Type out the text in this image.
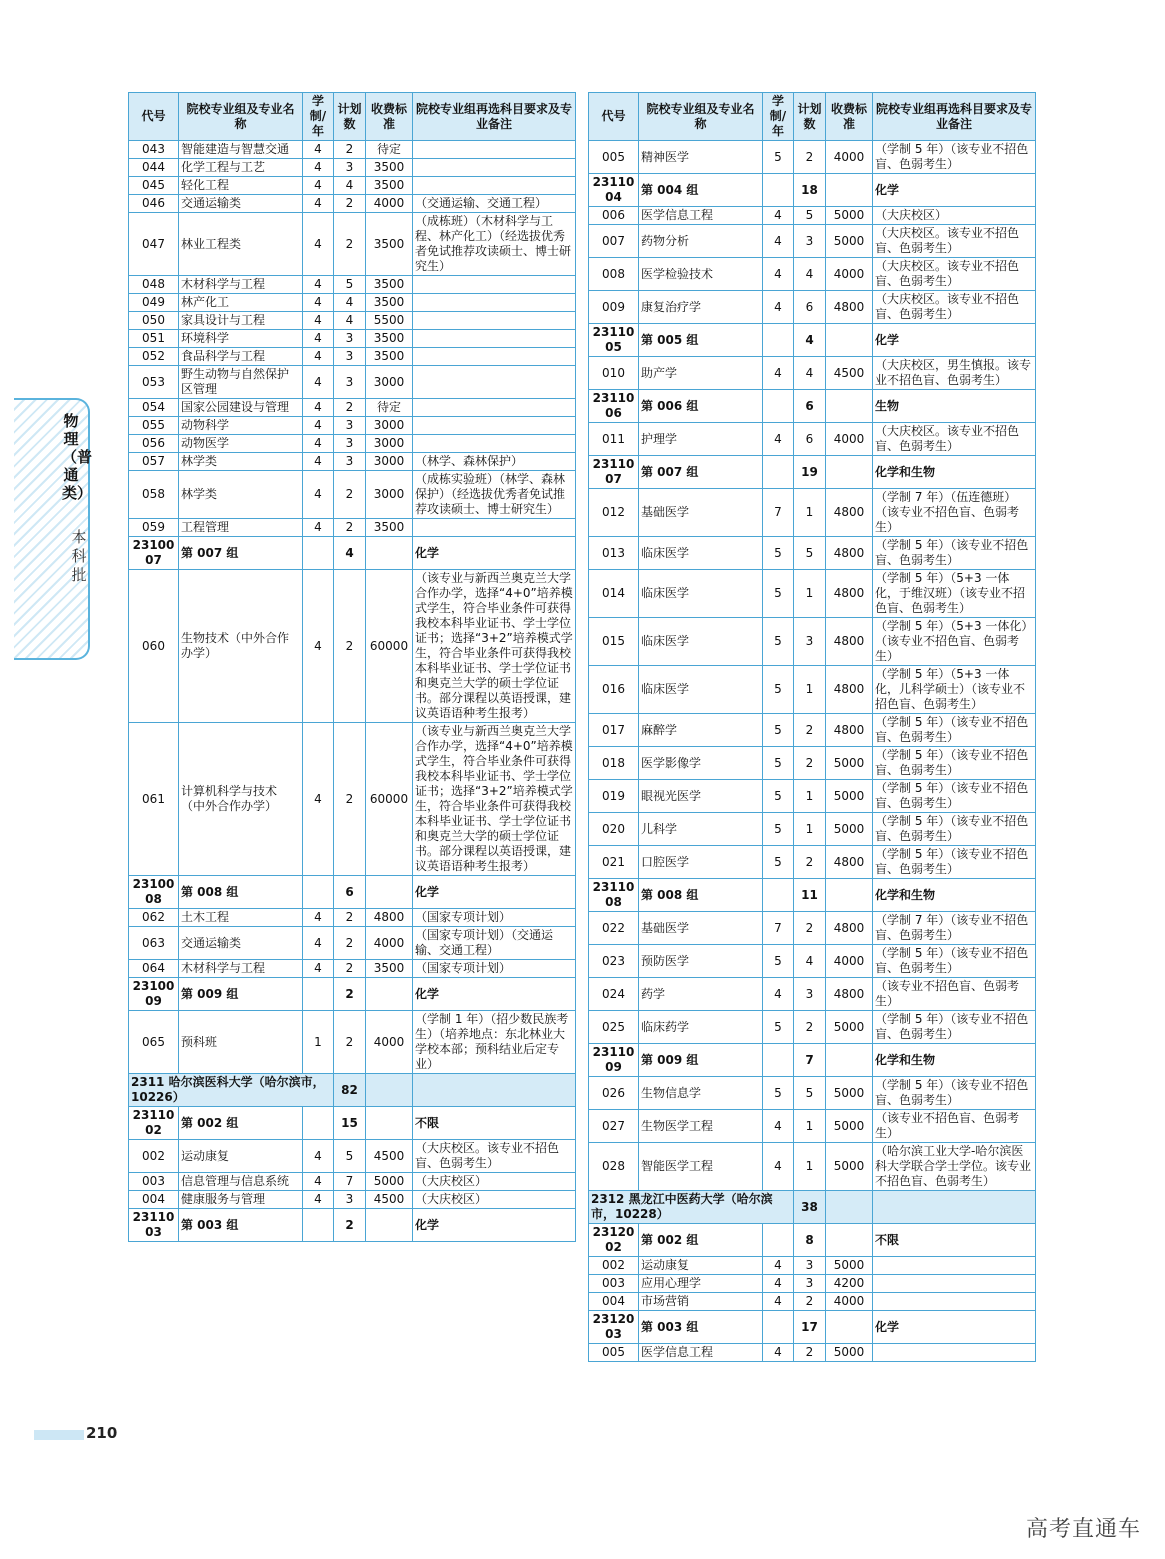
物理（普通类）
本科批
代号	院校专业组及专业名称	学制/年	计划数	收费标准	院校专业组再选科目要求及专业备注
043	智能建造与智慧交通	4	2	待定	
044	化学工程与工艺	4	3	3500	
045	轻化工程	4	4	3500	
046	交通运输类	4	2	4000	（交通运输、交通工程）
047	林业工程类	4	2	3500	（成栋班）（木材科学与工程、林产化工）（经选拔优秀者免试推荐攻读硕士、博士研究生）
048	木材科学与工程	4	5	3500	
049	林产化工	4	4	3500	
050	家具设计与工程	4	4	5500	
051	环境科学	4	3	3500	
052	食品科学与工程	4	3	3500	
053	野生动物与自然保护区管理	4	3	3000	
054	国家公园建设与管理	4	2	待定	
055	动物科学	4	3	3000	
056	动物医学	4	3	3000	
057	林学类	4	3	3000	（林学、森林保护）
058	林学类	4	2	3000	（成栋实验班）（林学、森林保护）（经选拔优秀者免试推荐攻读硕士、博士研究生）
059	工程管理	4	2	3500	
2310007	第 007 组		4		化学
060	生物技术（中外合作办学）	4	2	60000	（该专业与新西兰奥克兰大学合作办学，选择“4+0”培养模式学生，符合毕业条件可获得我校本科毕业证书、学士学位证书；选择“3+2”培养模式学生，符合毕业条件可获得我校本科毕业证书、学士学位证书和奥克兰大学的硕士学位证书。部分课程以英语授课，建议英语语种考生报考）
061	计算机科学与技术（中外合作办学）	4	2	60000	（该专业与新西兰奥克兰大学合作办学，选择“4+0”培养模式学生，符合毕业条件可获得我校本科毕业证书、学士学位证书；选择“3+2”培养模式学生，符合毕业条件可获得我校本科毕业证书、学士学位证书和奥克兰大学的硕士学位证书。部分课程以英语授课，建议英语语种考生报考）
2310008	第 008 组		6		化学
062	土木工程	4	2	4800	（国家专项计划）
063	交通运输类	4	2	4000	（国家专项计划）（交通运输、交通工程）
064	木材科学与工程	4	2	3500	（国家专项计划）
2310009	第 009 组		2		化学
065	预科班	1	2	4000	（学制 1 年）（招少数民族考生）（培养地点：东北林业大学校本部；预科结业后定专业）
2311 哈尔滨医科大学（哈尔滨市，10226）			82		
2311002	第 002 组		15		不限
002	运动康复	4	5	4500	（大庆校区。该专业不招色盲、色弱考生）
003	信息管理与信息系统	4	7	5000	（大庆校区）
004	健康服务与管理	4	3	4500	（大庆校区）
2311003	第 003 组		2		化学
代号	院校专业组及专业名称	学制/年	计划数	收费标准	院校专业组再选科目要求及专业备注
005	精神医学	5	2	4000	（学制 5 年）（该专业不招色盲、色弱考生）
2311004	第 004 组		18		化学
006	医学信息工程	4	5	5000	（大庆校区）
007	药物分析	4	3	5000	（大庆校区。该专业不招色盲、色弱考生）
008	医学检验技术	4	4	4000	（大庆校区。该专业不招色盲、色弱考生）
009	康复治疗学	4	6	4800	（大庆校区。该专业不招色盲、色弱考生）
2311005	第 005 组		4		化学
010	助产学	4	4	4500	（大庆校区，男生慎报。该专业不招色盲、色弱考生）
2311006	第 006 组		6		生物
011	护理学	4	6	4000	（大庆校区。该专业不招色盲、色弱考生）
2311007	第 007 组		19		化学和生物
012	基础医学	7	1	4800	（学制 7 年）（伍连德班）（该专业不招色盲、色弱考生）
013	临床医学	5	5	4800	（学制 5 年）（该专业不招色盲、色弱考生）
014	临床医学	5	1	4800	（学制 5 年）（5+3 一体化，于维汉班）（该专业不招色盲、色弱考生）
015	临床医学	5	3	4800	（学制 5 年）（5+3 一体化）（该专业不招色盲、色弱考生）
016	临床医学	5	1	4800	（学制 5 年）（5+3 一体化，儿科学硕士）（该专业不招色盲、色弱考生）
017	麻醉学	5	2	4800	（学制 5 年）（该专业不招色盲、色弱考生）
018	医学影像学	5	2	5000	（学制 5 年）（该专业不招色盲、色弱考生）
019	眼视光医学	5	1	5000	（学制 5 年）（该专业不招色盲、色弱考生）
020	儿科学	5	1	5000	（学制 5 年）（该专业不招色盲、色弱考生）
021	口腔医学	5	2	4800	（学制 5 年）（该专业不招色盲、色弱考生）
2311008	第 008 组		11		化学和生物
022	基础医学	7	2	4800	（学制 7 年）（该专业不招色盲、色弱考生）
023	预防医学	5	4	4000	（学制 5 年）（该专业不招色盲、色弱考生）
024	药学	4	3	4800	（该专业不招色盲、色弱考生）
025	临床药学	5	2	5000	（学制 5 年）（该专业不招色盲、色弱考生）
2311009	第 009 组		7		化学和生物
026	生物信息学	5	5	5000	（学制 5 年）（该专业不招色盲、色弱考生）
027	生物医学工程	4	1	5000	（该专业不招色盲、色弱考生）
028	智能医学工程	4	1	5000	（哈尔滨工业大学-哈尔滨医科大学联合学士学位。该专业不招色盲、色弱考生）
2312 黑龙江中医药大学（哈尔滨市，10228）			38		
2312002	第 002 组		8		不限
002	运动康复	4	3	5000	
003	应用心理学	4	3	4200	
004	市场营销	4	2	4000	
2312003	第 003 组		17		化学
005	医学信息工程	4	2	5000	
210
高考直通车
